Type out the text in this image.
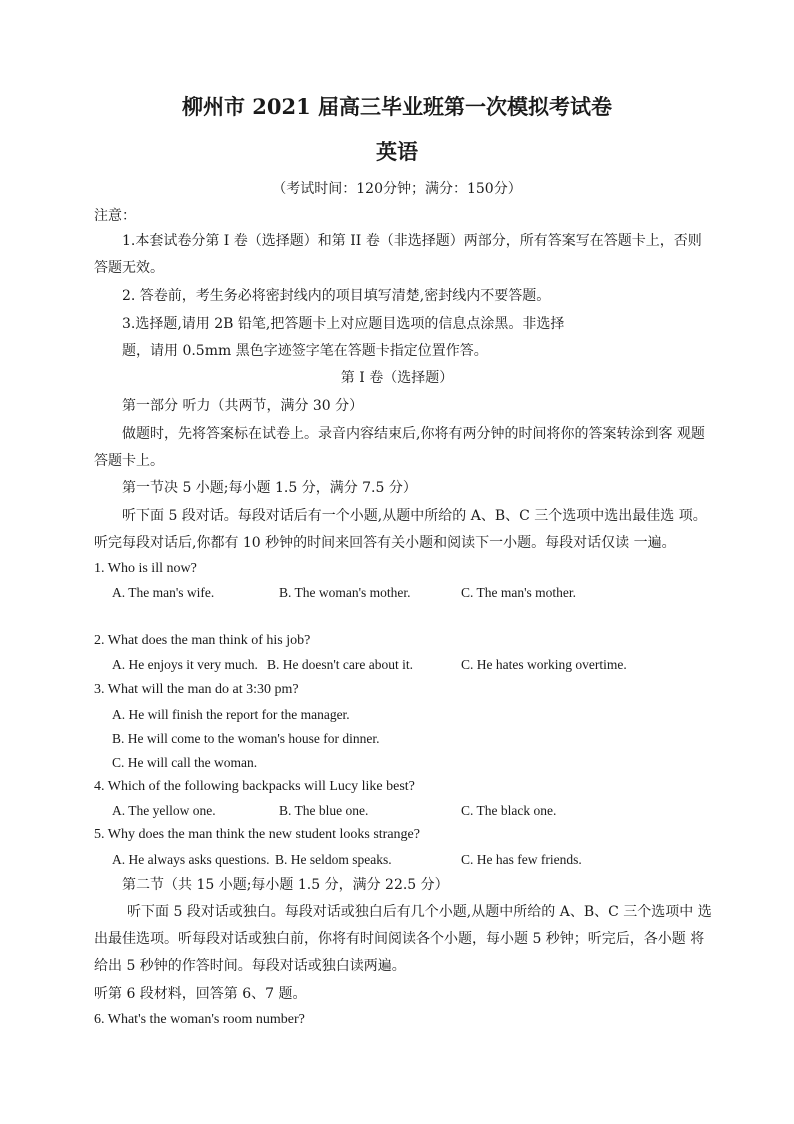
柳州市 2021 届高三毕业班第一次模拟考试卷
英语
（考试时间：120分钟；满分：150分）
注意：
1.本套试卷分第 I 卷（选择题）和第 II 卷（非选择题）两部分，所有答案写在答题卡上，否则
答题无效。
2. 答卷前，考生务必将密封线内的项目填写清楚,密封线内不要答题。
3.选择题,请用 2B 铅笔,把答题卡上对应题目选项的信息点涂黑。非选择
题，请用 0.5mm 黑色字迹签字笔在答题卡指定位置作答。
第 I 卷（选择题）
第一部分 听力（共两节，满分 30 分）
做题时，先将答案标在试卷上。录音内容结束后,你将有两分钟的时间将你的答案转涂到客 观题
答题卡上。
第一节决 5 小题;每小题 1.5 分，满分 7.5 分）
听下面 5 段对话。每段对话后有一个小题,从题中所给的 A、B、C 三个选项中选出最佳选 项。
听完每段对话后,你都有 10 秒钟的时间来回答有关小题和阅读下一小题。每段对话仅读 一遍。
1. Who is ill now?
A. The man's wife.	B. The woman's mother.	C. The man's mother.
2. What does the man think of his job?
A. He enjoys it very much. B. He doesn't care about it.	C. He hates working overtime.
3. What will the man do at 3:30 pm?
A. He will finish the report for the manager.
B. He will come to the woman's house for dinner.
C. He will call the woman.
4. Which of the following backpacks will Lucy like best?
A. The yellow one.	B. The blue one.	C. The black one.
5. Why does the man think the new student looks strange?
A. He always asks questions. B. He seldom speaks.	C. He has few friends.
第二节（共 15 小题;每小题 1.5 分，满分 22.5 分）
听下面 5 段对话或独白。每段对话或独白后有几个小题,从题中所给的 A、B、C 三个选项中 选
出最佳选项。听每段对话或独白前，你将有时间阅读各个小题，每小题 5 秒钟；听完后，各小题 将
给出 5 秒钟的作答时间。每段对话或独白读两遍。
听第 6 段材料，回答第 6、7 题。
6. What's the woman's room number?
